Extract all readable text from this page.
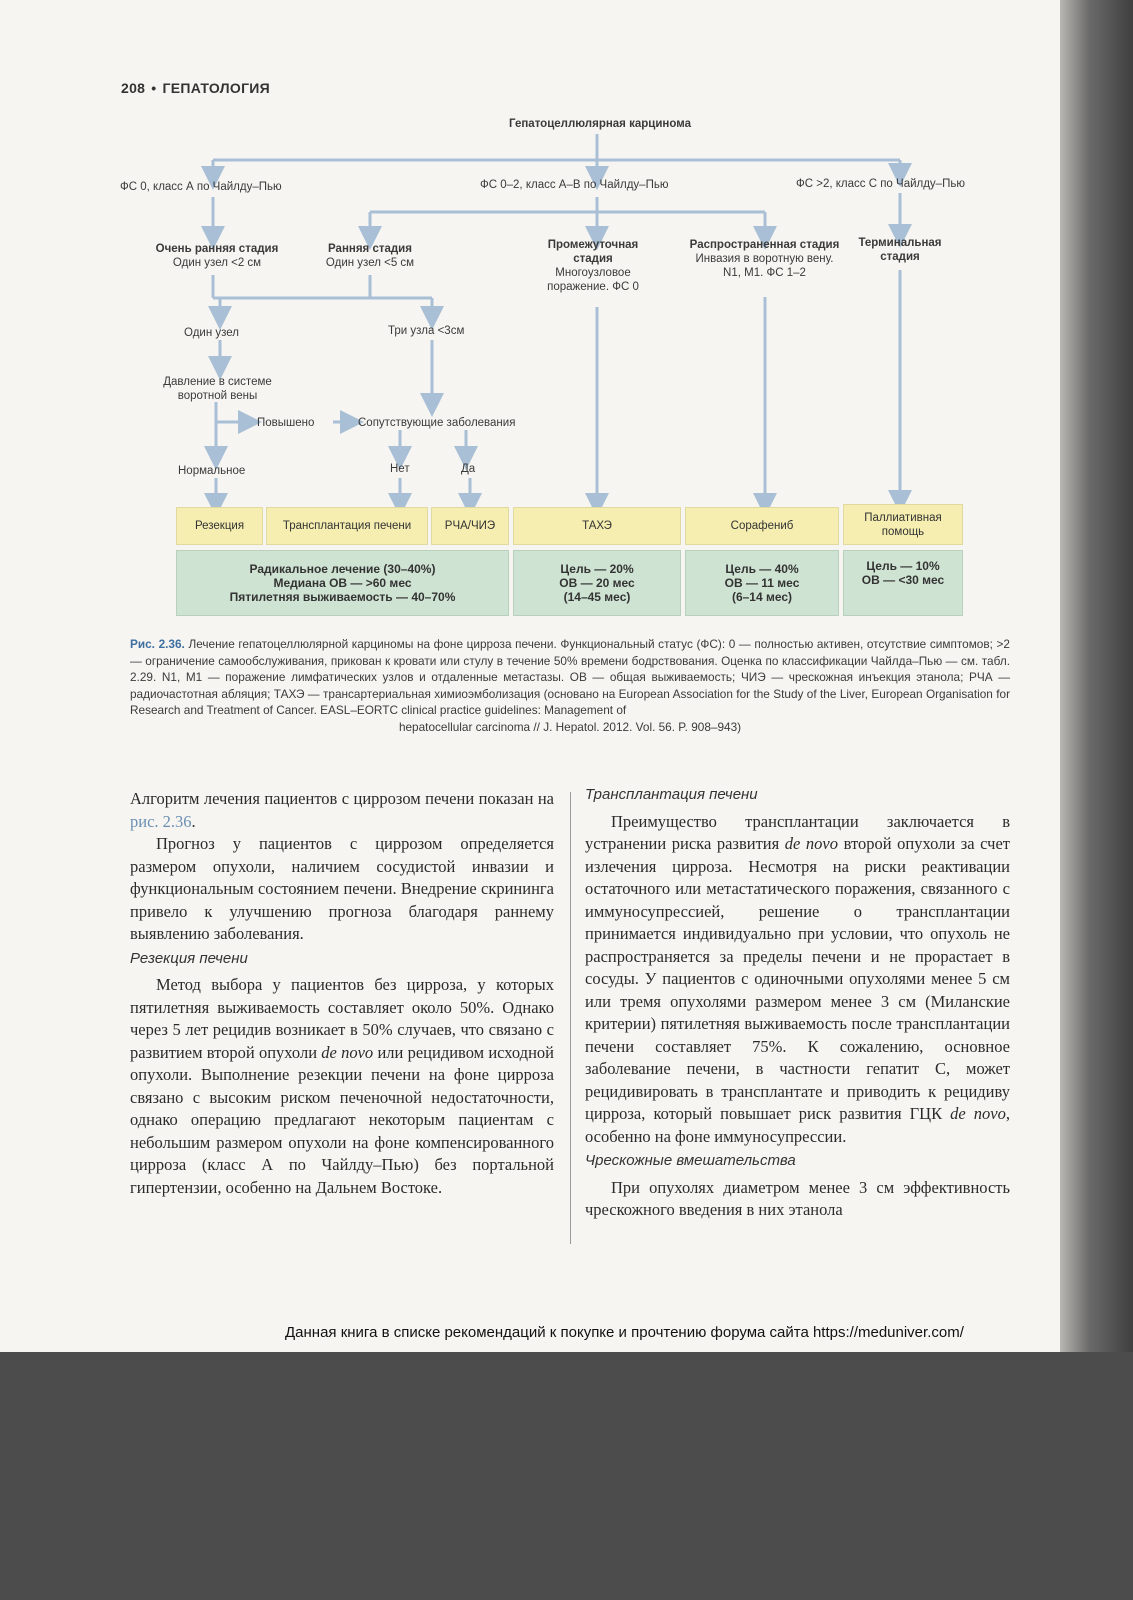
208 • ГЕПАТОЛОГИЯ
Гепатоцеллюлярная карцинома
ФС 0, класс А по Чайлду–Пью	ФС 0–2, класс А–В по Чайлду–Пью	ФС >2, класс С по Чайлду–Пью
Очень ранняя стадия
Один узел <2 см
Ранняя стадия
Один узел <5 см
Промежуточная стадия
Многоузловое
поражение. ФС 0
Распространенная стадия
Инвазия в воротную вену.
N1, M1. ФС 1–2
Терминальная стадия
Один узел	Три узла <3см
Давление в системе
воротной вены
Повышено	Сопутствующие заболевания
Нормальное	Нет	Да
Резекция	Трансплантация печени	РЧА/ЧИЭ	ТАХЭ	Сорафениб
Паллиативная помощь
Радикальное лечение (30–40%)
Медиана ОВ — >60 мес
Пятилетняя выживаемость — 40–70%
Цель — 20%
ОВ — 20 мес
(14–45 мес)
Цель — 40%
ОВ — 11 мес
(6–14 мес)
Цель — 10%
ОВ — <30 мес
Рис. 2.36. Лечение гепатоцеллюлярной карциномы на фоне цирроза печени. Функциональный статус (ФС): 0 — полностью активен, отсутствие симптомов; >2 — ограничение самообслуживания, прикован к кровати или стулу в течение 50% времени бодрствования. Оценка по классификации Чайлда–Пью — см. табл. 2.29. N1, M1 — поражение лимфатических узлов и отдаленные метастазы. ОВ — общая выживаемость; ЧИЭ — чрескожная инъекция этанола; РЧА — радиочастотная абляция; ТАХЭ — трансартериальная химиоэмболизация (основано на European Association for the Study of the Liver, European Organisation for Research and Treatment of Cancer. EASL–EORTC clinical practice guidelines: Management of
hepatocellular carcinoma // J. Hepatol. 2012. Vol. 56. P. 908–943)

Алгоритм лечения пациентов с циррозом печени показан на рис. 2.36.

Прогноз у пациентов с циррозом определяется размером опухоли, наличием сосудистой инвазии и функциональным состоянием печени. Внедрение скрининга привело к улучшению прогноза благодаря раннему выявлению заболевания.

Резекция печени

Метод выбора у пациентов без цирроза, у которых пятилетняя выживаемость составляет около 50%. Однако через 5 лет рецидив возникает в 50% случаев, что связано с развитием второй опухоли de novo или рецидивом исходной опухоли. Выполнение резекции печени на фоне цирроза связано с высоким риском печеночной недостаточности, однако операцию предлагают некоторым пациентам с небольшим размером опухоли на фоне компенсированного цирроза (класс А по Чайлду–Пью) без портальной гипертензии, особенно на Дальнем Востоке.

Трансплантация печени

Преимущество трансплантации заключается в устранении риска развития de novo второй опухоли за счет излечения цирроза. Несмотря на риски реактивации остаточного или метастатического поражения, связанного с иммуносупрессией, решение о трансплантации принимается индивидуально при условии, что опухоль не распространяется за пределы печени и не прорастает в сосуды. У пациентов с одиночными опухолями менее 5 см или тремя опухолями размером менее 3 см (Миланские критерии) пятилетняя выживаемость после трансплантации печени составляет 75%. К сожалению, основное заболевание печени, в частности гепатит С, может рецидивировать в трансплантате и приводить к рецидиву цирроза, который повышает риск развития ГЦК de novo, особенно на фоне иммуносупрессии.

Чрескожные вмешательства

При опухолях диаметром менее 3 см эффективность чрескожного введения в них этанола

Данная книга в списке рекомендаций к покупке и прочтению форума сайта https://meduniver.com/
